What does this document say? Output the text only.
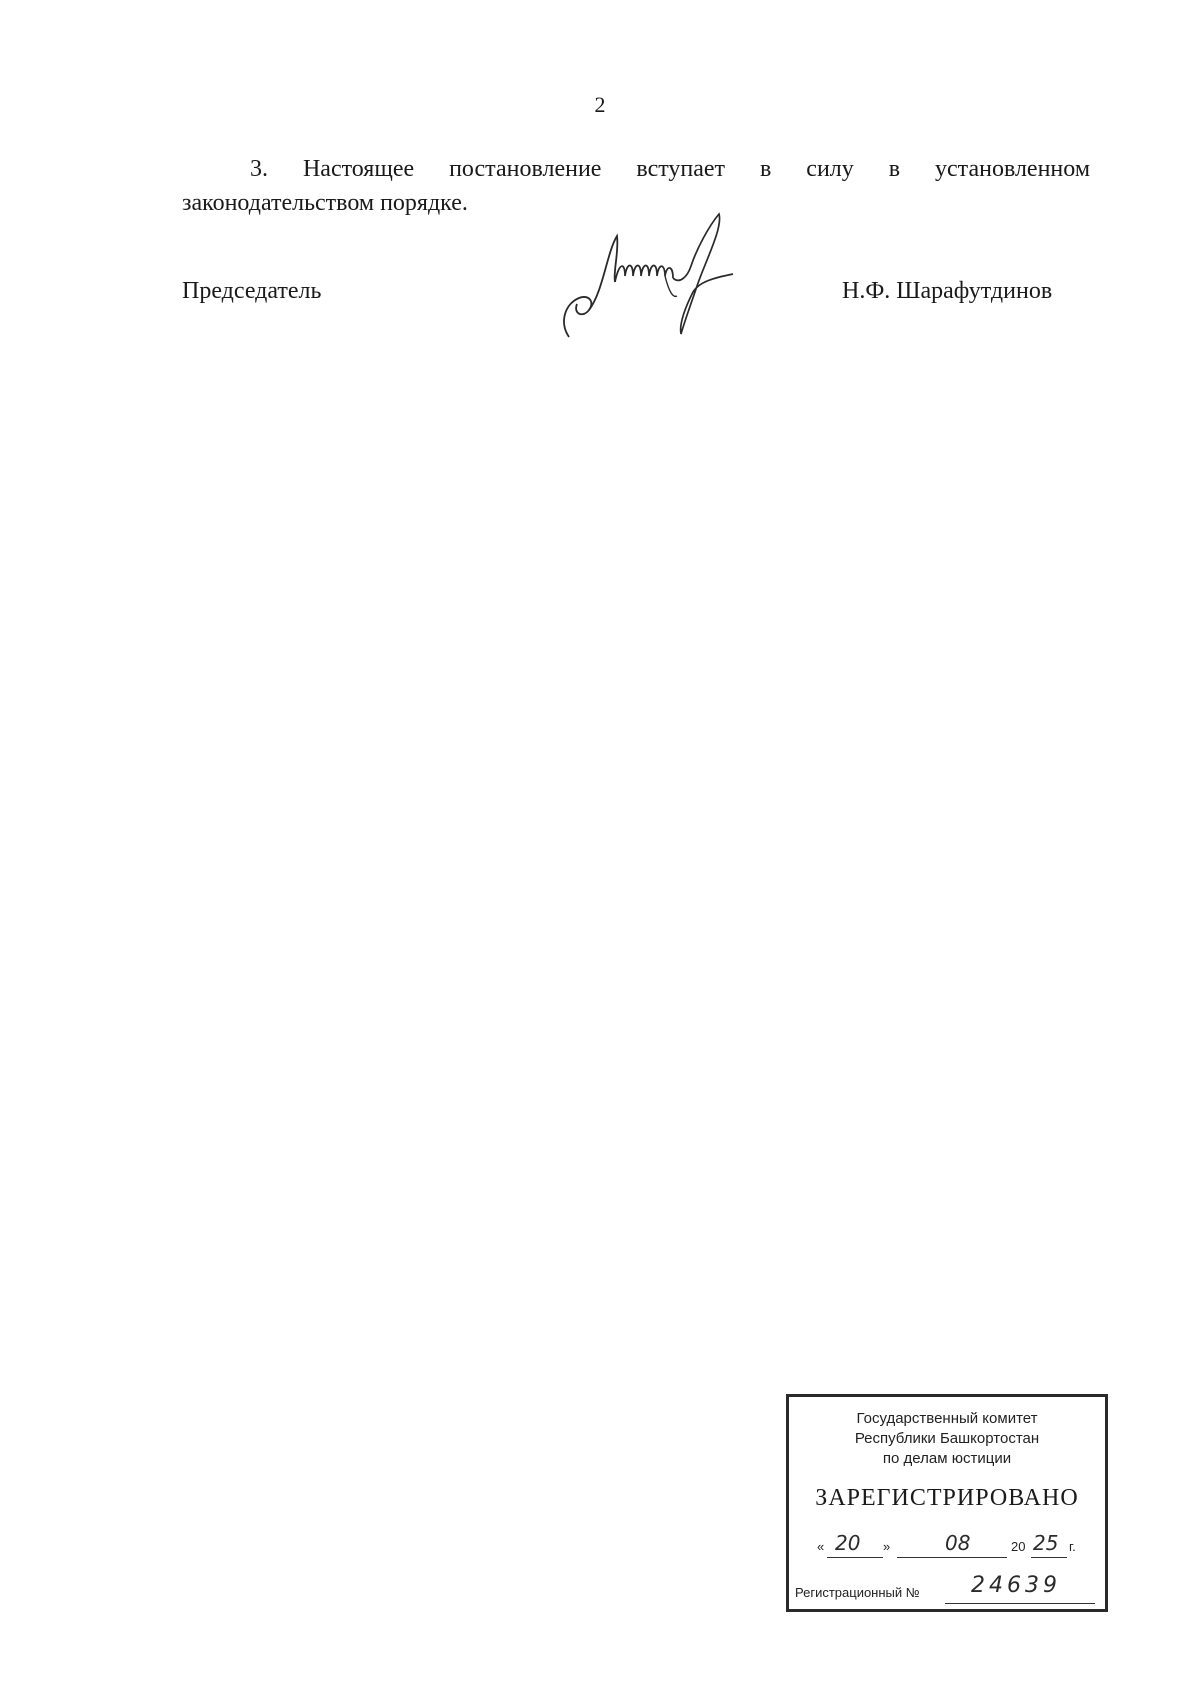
2
3. Настоящее постановление вступает в силу в установленном
законодательством порядке.
Председатель	Н.Ф. Шарафутдинов
Государственный комитет
Республики Башкортостан
по делам юстиции
ЗАРЕГИСТРИРОВАНО
« 20 »	08	20 25 г.
Регистрационный № 24639
